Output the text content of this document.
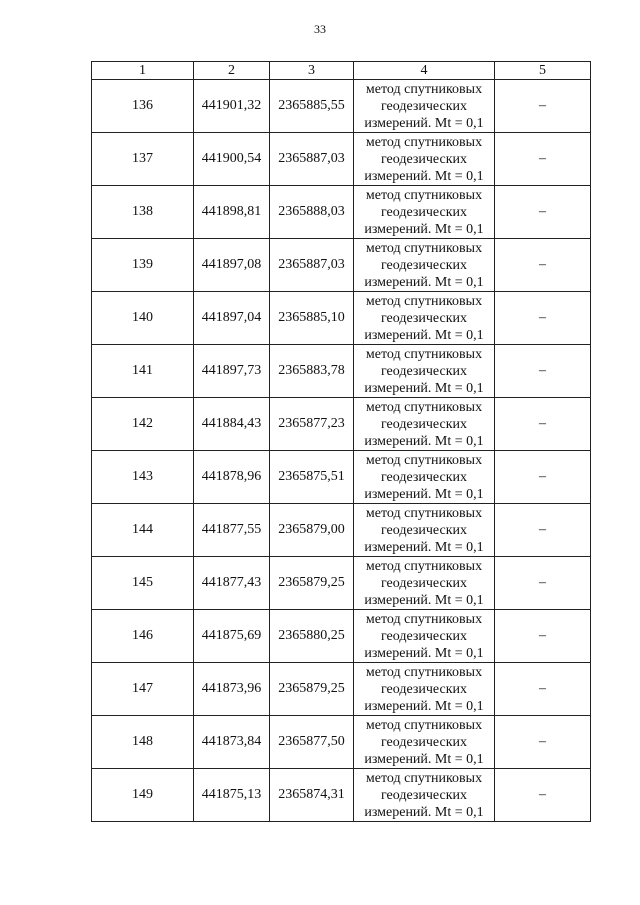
33
1	2	3	4	5
136	441901,32	2365885,55	метод спутниковых
геодезических
измерений. Mt = 0,1	–
137	441900,54	2365887,03	метод спутниковых
геодезических
измерений. Mt = 0,1	–
138	441898,81	2365888,03	метод спутниковых
геодезических
измерений. Mt = 0,1	–
139	441897,08	2365887,03	метод спутниковых
геодезических
измерений. Mt = 0,1	–
140	441897,04	2365885,10	метод спутниковых
геодезических
измерений. Mt = 0,1	–
141	441897,73	2365883,78	метод спутниковых
геодезических
измерений. Mt = 0,1	–
142	441884,43	2365877,23	метод спутниковых
геодезических
измерений. Mt = 0,1	–
143	441878,96	2365875,51	метод спутниковых
геодезических
измерений. Mt = 0,1	–
144	441877,55	2365879,00	метод спутниковых
геодезических
измерений. Mt = 0,1	–
145	441877,43	2365879,25	метод спутниковых
геодезических
измерений. Mt = 0,1	–
146	441875,69	2365880,25	метод спутниковых
геодезических
измерений. Mt = 0,1	–
147	441873,96	2365879,25	метод спутниковых
геодезических
измерений. Mt = 0,1	–
148	441873,84	2365877,50	метод спутниковых
геодезических
измерений. Mt = 0,1	–
149	441875,13	2365874,31	метод спутниковых
геодезических
измерений. Mt = 0,1	–
